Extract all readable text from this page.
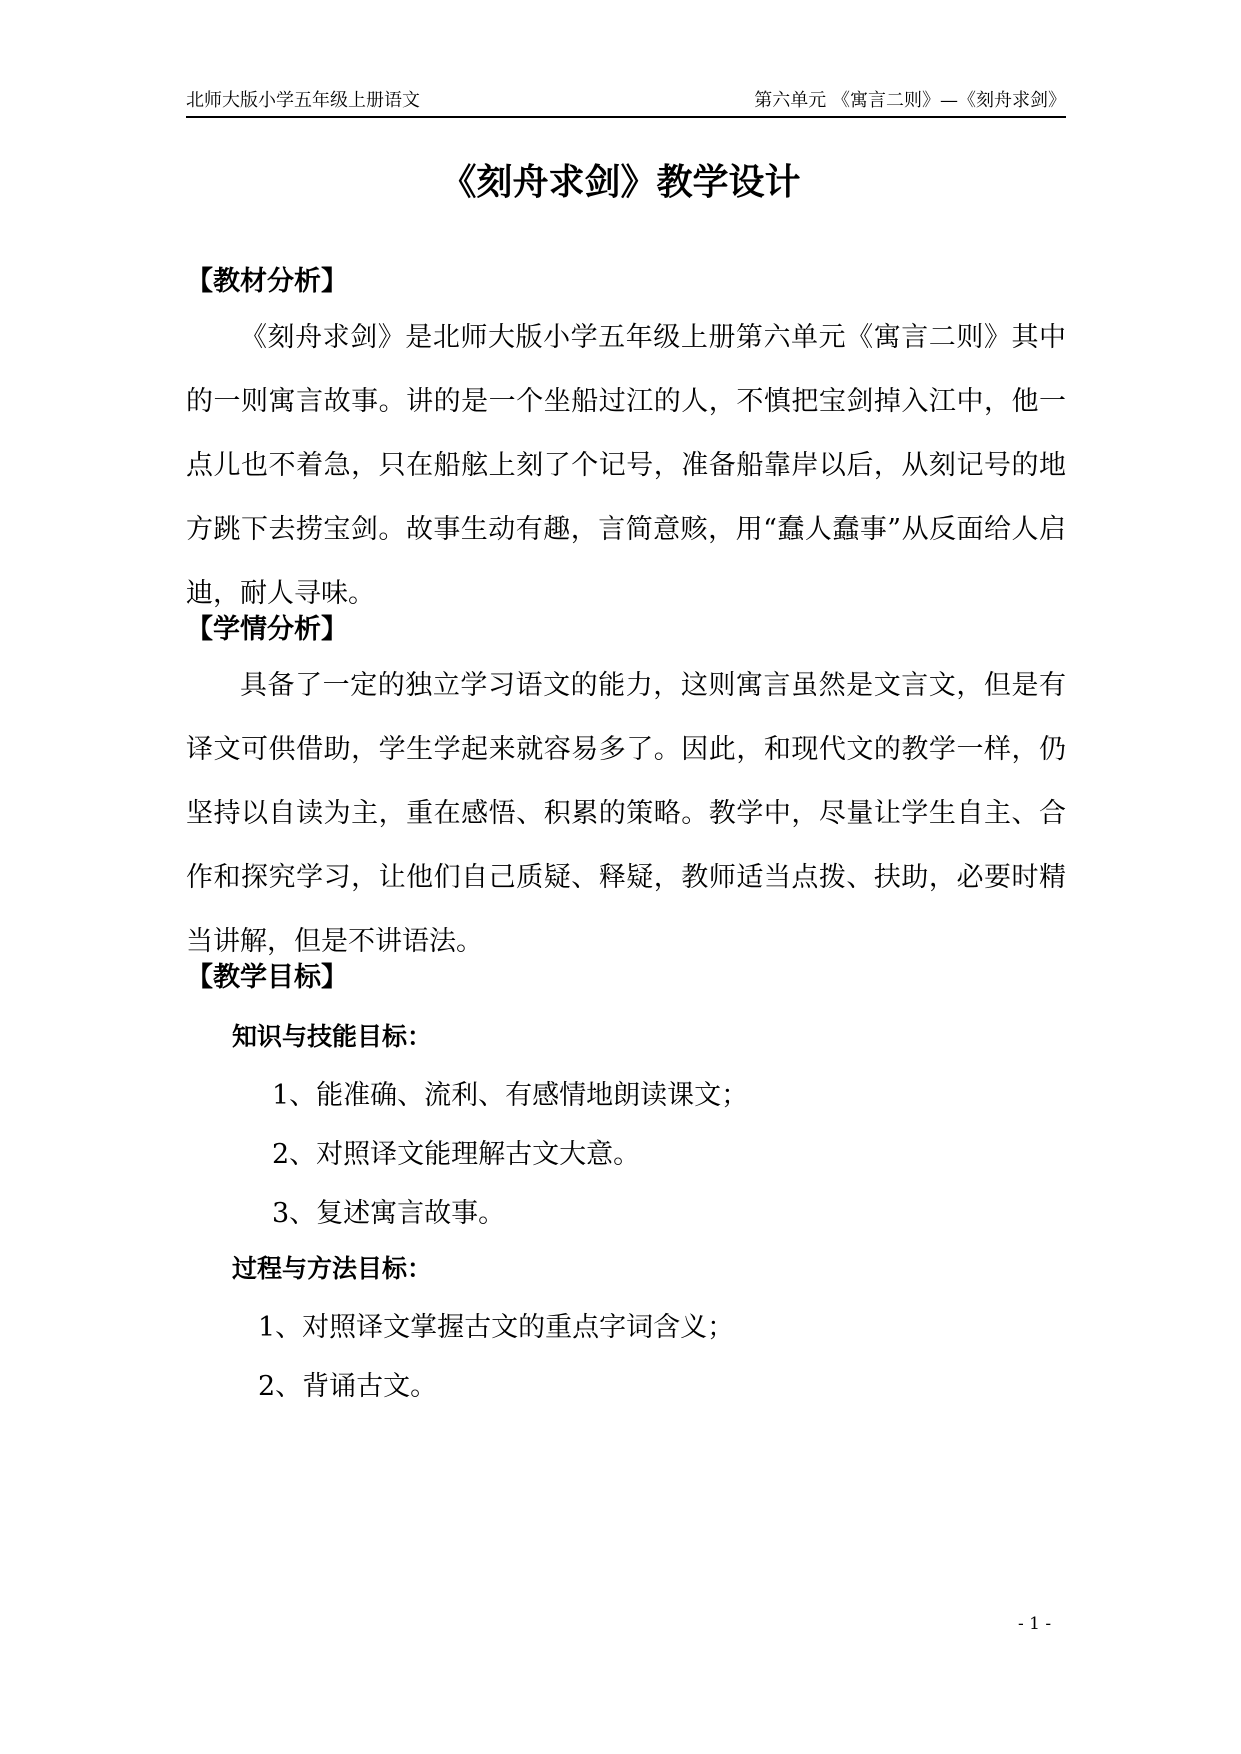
北师大版小学五年级上册语文	第六单元 《寓言二则》—《刻舟求剑》
《刻舟求剑》教学设计
【教材分析】

《刻舟求剑》是北师大版小学五年级上册第六单元《寓言二则》其中的一则寓言故事。讲的是一个坐船过江的人，不慎把宝剑掉入江中，他一点儿也不着急，只在船舷上刻了个记号，准备船靠岸以后，从刻记号的地方跳下去捞宝剑。故事生动有趣，言简意赅，用“蠢人蠢事”从反面给人启迪，耐人寻味。

【学情分析】

具备了一定的独立学习语文的能力，这则寓言虽然是文言文，但是有译文可供借助，学生学起来就容易多了。因此，和现代文的教学一样，仍坚持以自读为主，重在感悟、积累的策略。教学中，尽量让学生自主、合作和探究学习，让他们自己质疑、释疑，教师适当点拨、扶助，必要时精当讲解，但是不讲语法。

【教学目标】
知识与技能目标：
1、能准确、流利、有感情地朗读课文；
2、对照译文能理解古文大意。
3、复述寓言故事。
过程与方法目标：
1、对照译文掌握古文的重点字词含义；
2、背诵古文。
- 1 -
